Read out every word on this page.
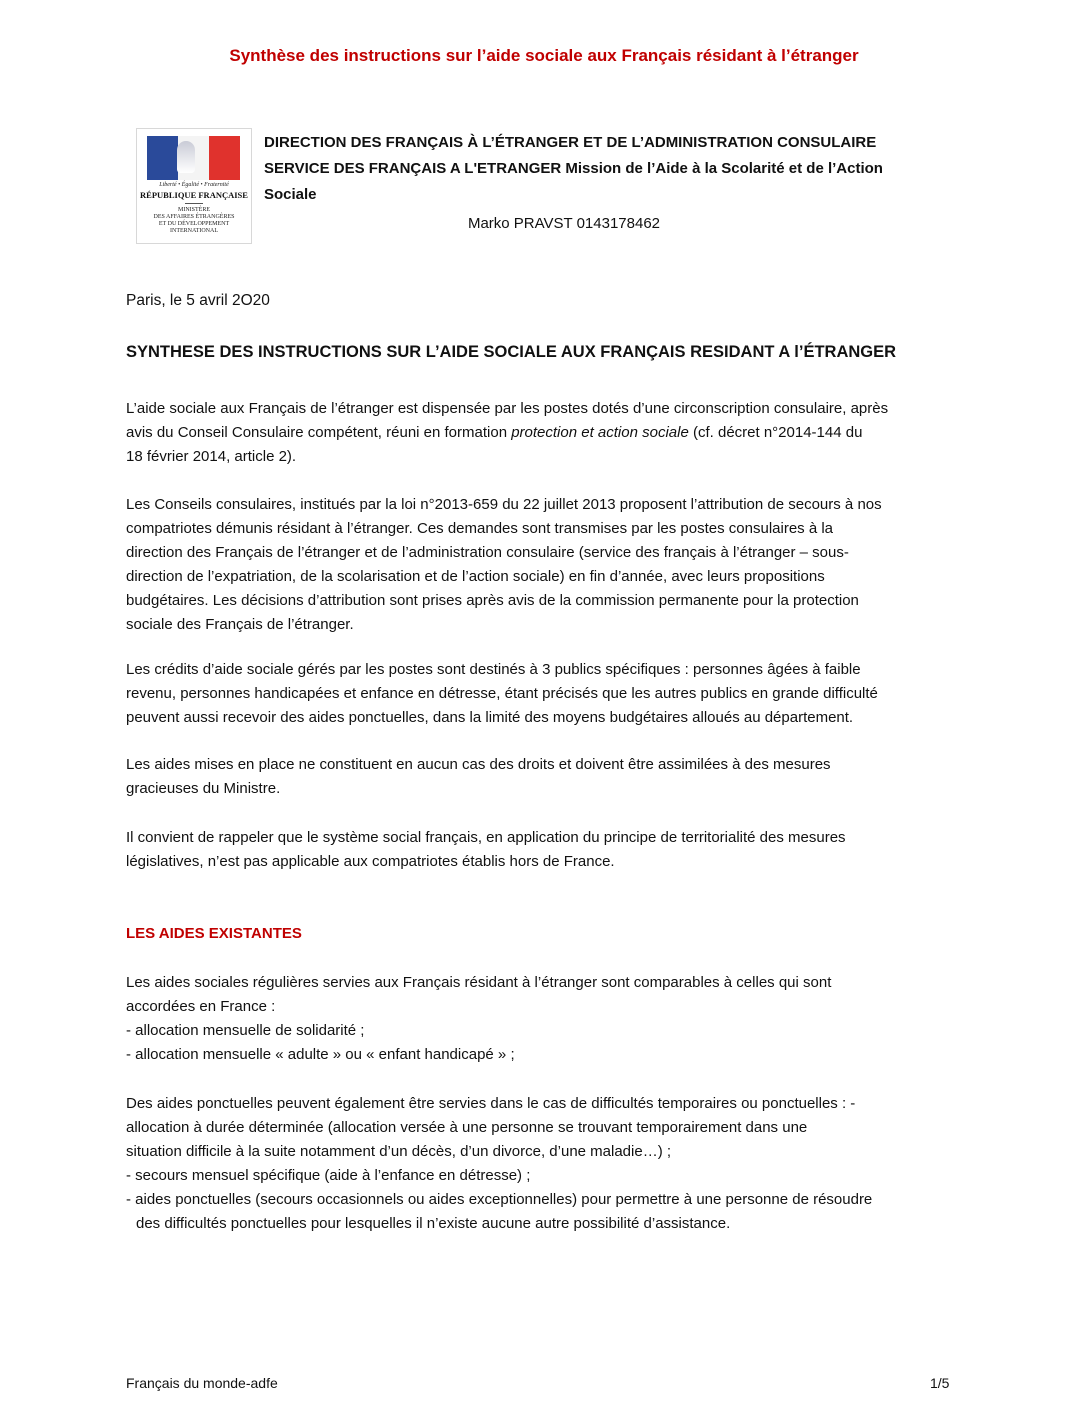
Synthèse des instructions sur l’aide sociale aux Français résidant à l’étranger
Liberté • Égalité • Fraternité
RÉPUBLIQUE FRANÇAISE
MINISTÈRE
DES AFFAIRES ÉTRANGÈRES
ET DU DÉVELOPPEMENT
INTERNATIONAL
DIRECTION DES FRANÇAIS À L’ÉTRANGER ET DE L’ADMINISTRATION CONSULAIRE
SERVICE DES FRANÇAIS A L'ETRANGER Mission de l’Aide à la Scolarité et de l’Action
Sociale
Marko PRAVST 0143178462
Paris, le 5 avril 2O20
SYNTHESE DES INSTRUCTIONS SUR L’AIDE SOCIALE AUX FRANÇAIS RESIDANT A l’ÉTRANGER
L’aide sociale aux Français de l’étranger est dispensée par les postes dotés d’une circonscription consulaire, après
avis du Conseil Consulaire compétent, réuni en formation protection et action sociale (cf. décret n°2014-144 du
18 février 2014, article 2).
Les Conseils consulaires, institués par la loi n°2013-659 du 22 juillet 2013 proposent l’attribution de secours à nos
compatriotes démunis résidant à l’étranger. Ces demandes sont transmises par les postes consulaires à la
direction des Français de l’étranger et de l’administration consulaire (service des français à l’étranger – sous-
direction de l’expatriation, de la scolarisation et de l’action sociale) en fin d’année, avec leurs propositions
budgétaires. Les décisions d’attribution sont prises après avis de la commission permanente pour la protection
sociale des Français de l’étranger.
Les crédits d’aide sociale gérés par les postes sont destinés à 3 publics spécifiques : personnes âgées à faible
revenu, personnes handicapées et enfance en détresse, étant précisés que les autres publics en grande difficulté
peuvent aussi recevoir des aides ponctuelles, dans la limité des moyens budgétaires alloués au département.
Les aides mises en place ne constituent en aucun cas des droits et doivent être assimilées à des mesures
gracieuses du Ministre.
Il convient de rappeler que le système social français, en application du principe de territorialité des mesures
législatives, n’est pas applicable aux compatriotes établis hors de France.
LES AIDES EXISTANTES
Les aides sociales régulières servies aux Français résidant à l’étranger sont comparables à celles qui sont
accordées en France :
- allocation mensuelle de solidarité ;
- allocation mensuelle « adulte » ou « enfant handicapé » ;
Des aides ponctuelles peuvent également être servies dans le cas de difficultés temporaires ou ponctuelles : -
allocation à durée déterminée (allocation versée à une personne se trouvant temporairement dans une
situation difficile à la suite notamment d’un décès, d’un divorce, d’une maladie…) ;
- secours mensuel spécifique (aide à l’enfance en détresse) ;
- aides ponctuelles (secours occasionnels ou aides exceptionnelles) pour permettre à une personne de résoudre
des difficultés ponctuelles pour lesquelles il n’existe aucune autre possibilité d’assistance.
Français du monde-adfe	1/5
